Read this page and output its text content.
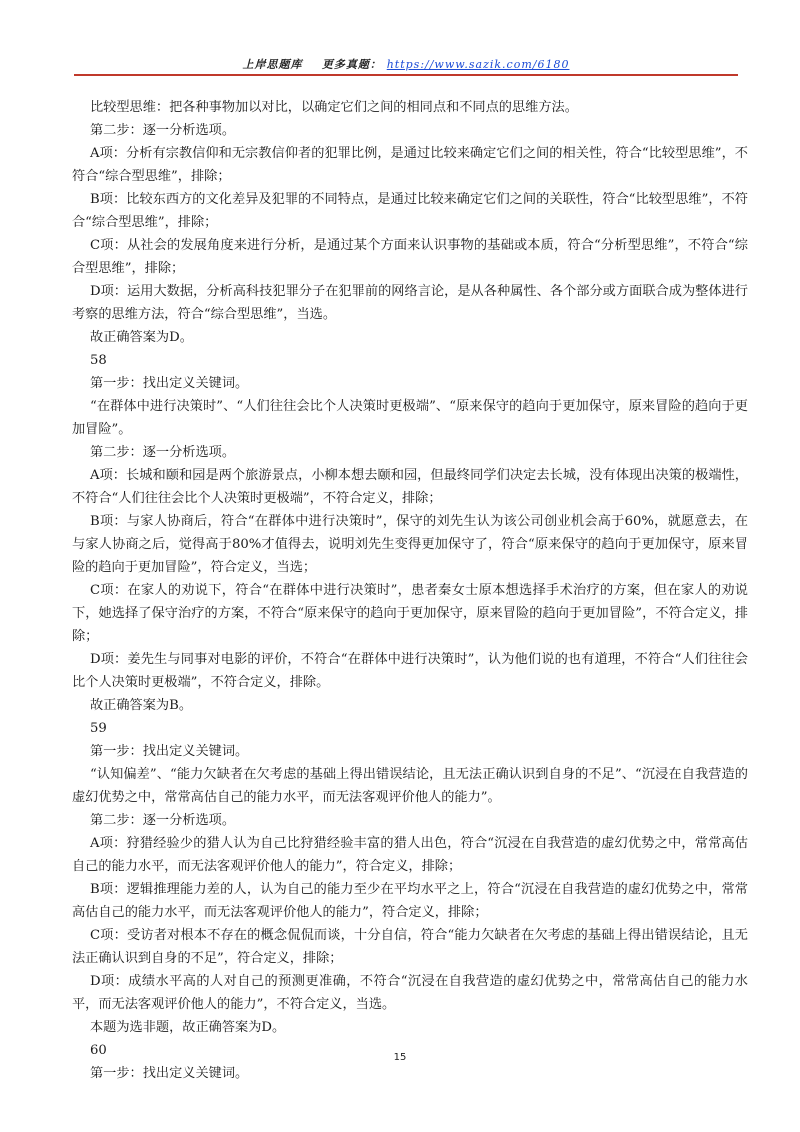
上岸思题库 更多真题： https://www.sazik.com/6180

比较型思维：把各种事物加以对比，以确定它们之间的相同点和不同点的思维方法。

第二步：逐一分析选项。

A项：分析有宗教信仰和无宗教信仰者的犯罪比例，是通过比较来确定它们之间的相关性，符合“比较型思维”，不符合“综合型思维”，排除；

B项：比较东西方的文化差异及犯罪的不同特点，是通过比较来确定它们之间的关联性，符合“比较型思维”，不符合“综合型思维”，排除；

C项：从社会的发展角度来进行分析，是通过某个方面来认识事物的基础或本质，符合“分析型思维”，不符合“综合型思维”，排除；

D项：运用大数据，分析高科技犯罪分子在犯罪前的网络言论，是从各种属性、各个部分或方面联合成为整体进行考察的思维方法，符合“综合型思维”，当选。

故正确答案为D。

58

第一步：找出定义关键词。

“在群体中进行决策时”、“人们往往会比个人决策时更极端”、“原来保守的趋向于更加保守，原来冒险的趋向于更加冒险”。

第二步：逐一分析选项。

A项：长城和颐和园是两个旅游景点，小柳本想去颐和园，但最终同学们决定去长城，没有体现出决策的极端性，不符合“人们往往会比个人决策时更极端”，不符合定义，排除；

B项：与家人协商后，符合“在群体中进行决策时”，保守的刘先生认为该公司创业机会高于60%，就愿意去，在与家人协商之后，觉得高于80%才值得去，说明刘先生变得更加保守了，符合“原来保守的趋向于更加保守，原来冒险的趋向于更加冒险”，符合定义，当选；

C项：在家人的劝说下，符合“在群体中进行决策时”，患者秦女士原本想选择手术治疗的方案，但在家人的劝说下，她选择了保守治疗的方案，不符合“原来保守的趋向于更加保守，原来冒险的趋向于更加冒险”，不符合定义，排除；

D项：姜先生与同事对电影的评价，不符合“在群体中进行决策时”，认为他们说的也有道理，不符合“人们往往会比个人决策时更极端”，不符合定义，排除。

故正确答案为B。

59

第一步：找出定义关键词。

“认知偏差”、“能力欠缺者在欠考虑的基础上得出错误结论，且无法正确认识到自身的不足”、“沉浸在自我营造的虚幻优势之中，常常高估自己的能力水平，而无法客观评价他人的能力”。

第二步：逐一分析选项。

A项：狩猎经验少的猎人认为自己比狩猎经验丰富的猎人出色，符合“沉浸在自我营造的虚幻优势之中，常常高估自己的能力水平，而无法客观评价他人的能力”，符合定义，排除；

B项：逻辑推理能力差的人，认为自己的能力至少在平均水平之上，符合“沉浸在自我营造的虚幻优势之中，常常高估自己的能力水平，而无法客观评价他人的能力”，符合定义，排除；

C项：受访者对根本不存在的概念侃侃而谈，十分自信，符合“能力欠缺者在欠考虑的基础上得出错误结论，且无法正确认识到自身的不足”，符合定义，排除；

D项：成绩水平高的人对自己的预测更准确，不符合“沉浸在自我营造的虚幻优势之中，常常高估自己的能力水平，而无法客观评价他人的能力”，不符合定义，当选。

本题为选非题，故正确答案为D。

60

第一步：找出定义关键词。

15
